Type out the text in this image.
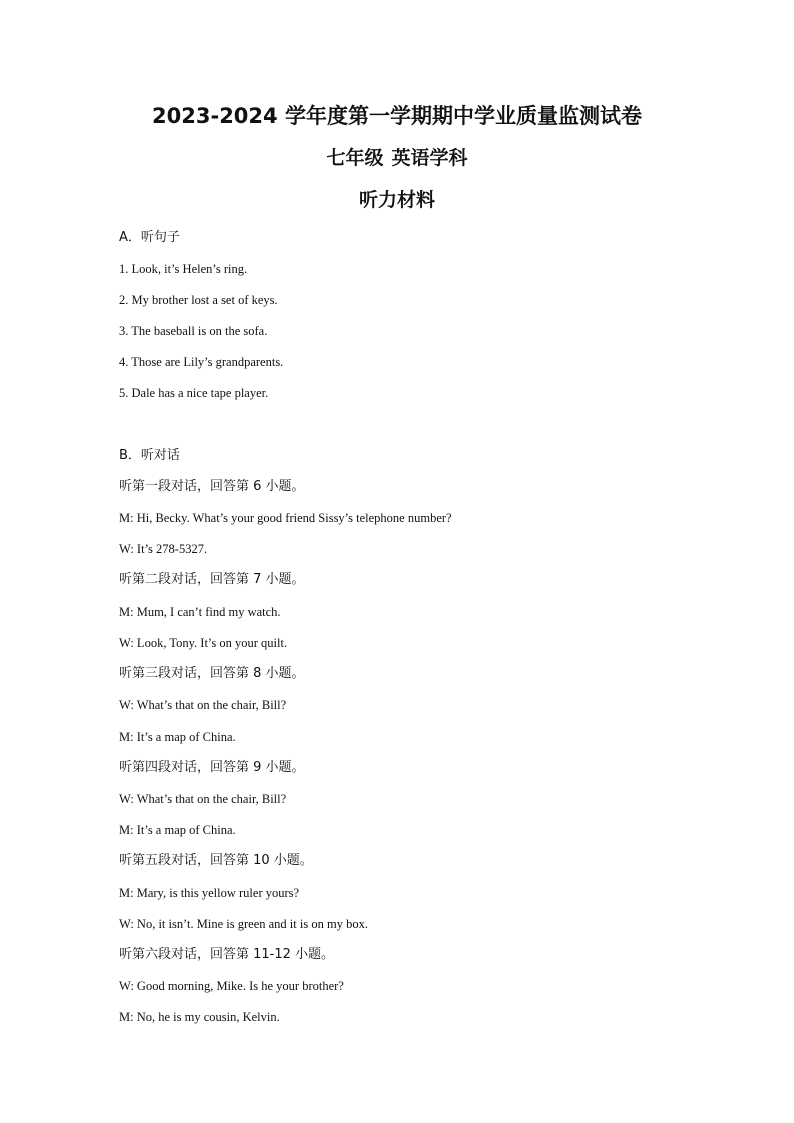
2023-2024 学年度第一学期期中学业质量监测试卷
七年级 英语学科
听力材料
A．听句子
1. Look, it’s Helen’s ring.
2. My brother lost a set of keys.
3. The baseball is on the sofa.
4. Those are Lily’s grandparents.
5. Dale has a nice tape player.
B．听对话
听第一段对话，回答第 6 小题。
M: Hi, Becky. What’s your good friend Sissy’s telephone number?
W: It’s 278-5327.
听第二段对话，回答第 7 小题。
M: Mum, I can’t find my watch.
W: Look, Tony. It’s on your quilt.
听第三段对话，回答第 8 小题。
W: What’s that on the chair, Bill?
M: It’s a map of China.
听第四段对话，回答第 9 小题。
W: What’s that on the chair, Bill?
M: It’s a map of China.
听第五段对话，回答第 10 小题。
M: Mary, is this yellow ruler yours?
W: No, it isn’t. Mine is green and it is on my box.
听第六段对话，回答第 11-12 小题。
W: Good morning, Mike. Is he your brother?
M: No, he is my cousin, Kelvin.
